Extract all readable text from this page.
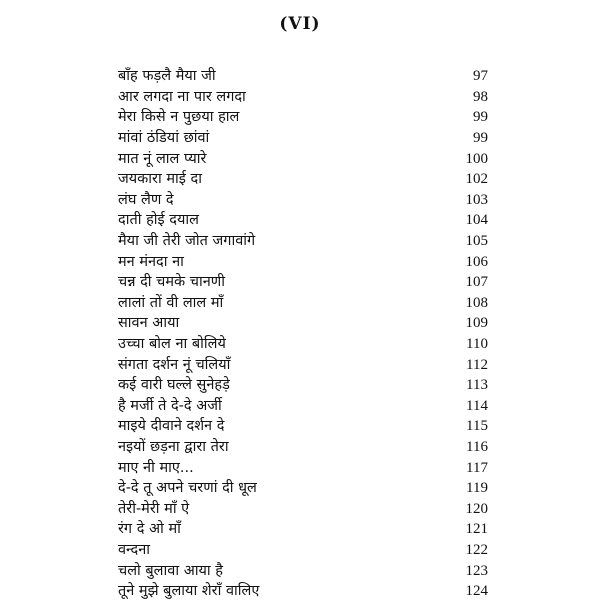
(VI)
बाँह फड़लै मैया जी	97
आर लगदा ना पार लगदा	98
मेरा किसे न पुछया हाल	99
मांवां ठंडियां छांवां	99
मात नूं लाल प्यारे	100
जयकारा माई दा	102
लंघ लैण दे	103
दाती होई दयाल	104
मैया जी तेरी जोत जगावांगे	105
मन मंनदा ना	106
चन्न दी चमके चानणी	107
लालां तों वी लाल माँ	108
सावन आया	109
उच्चा बोल ना बोलिये	110
संगता दर्शन नूं चलियाँ	112
कई वारी घल्ले सुनेहड़े	113
है मर्जी ते दे-दे अर्जी	114
माइये दीवाने दर्शन दे	115
नइयों छड़ना द्वारा तेरा	116
माए नी माए...	117
दे-दे तू अपने चरणां दी धूल	119
तेरी-मेरी माँ ऐ	120
रंग दे ओ माँ	121
वन्दना	122
चलो बुलावा आया है	123
तूने मुझे बुलाया शेराँ वालिए	124
